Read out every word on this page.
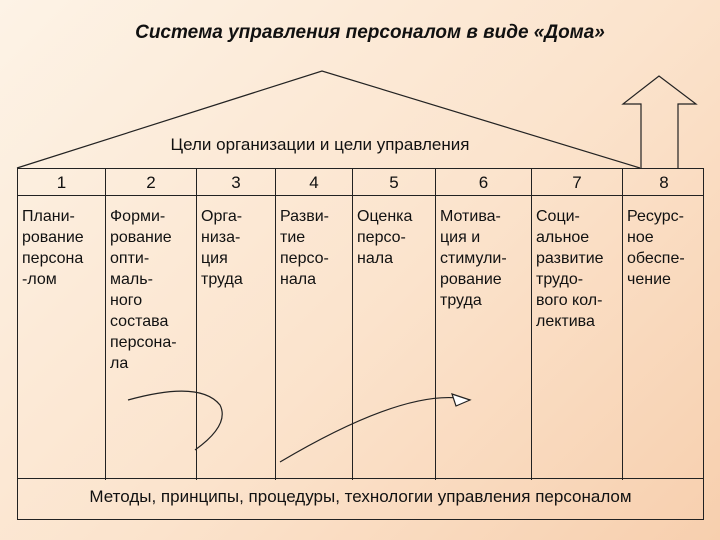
Система управления персоналом в виде «Дома»
Цели организации и цели управления
1
Плани-
рование
персона
-лом
2
Форми-
рование
опти-
маль-
ного
состава
персона-
ла
3
Орга-
низа-
ция
труда
4
Разви-
тие
персо-
нала
5
Оценка
персо-
нала
6
Мотива-
ция и
стимули-
рование
труда
7
Соци-
альное
развитие
трудо-
вого кол-
лектива
8
Ресурс-
ное
обеспе-
чение
Методы, принципы, процедуры, технологии управления персоналом
